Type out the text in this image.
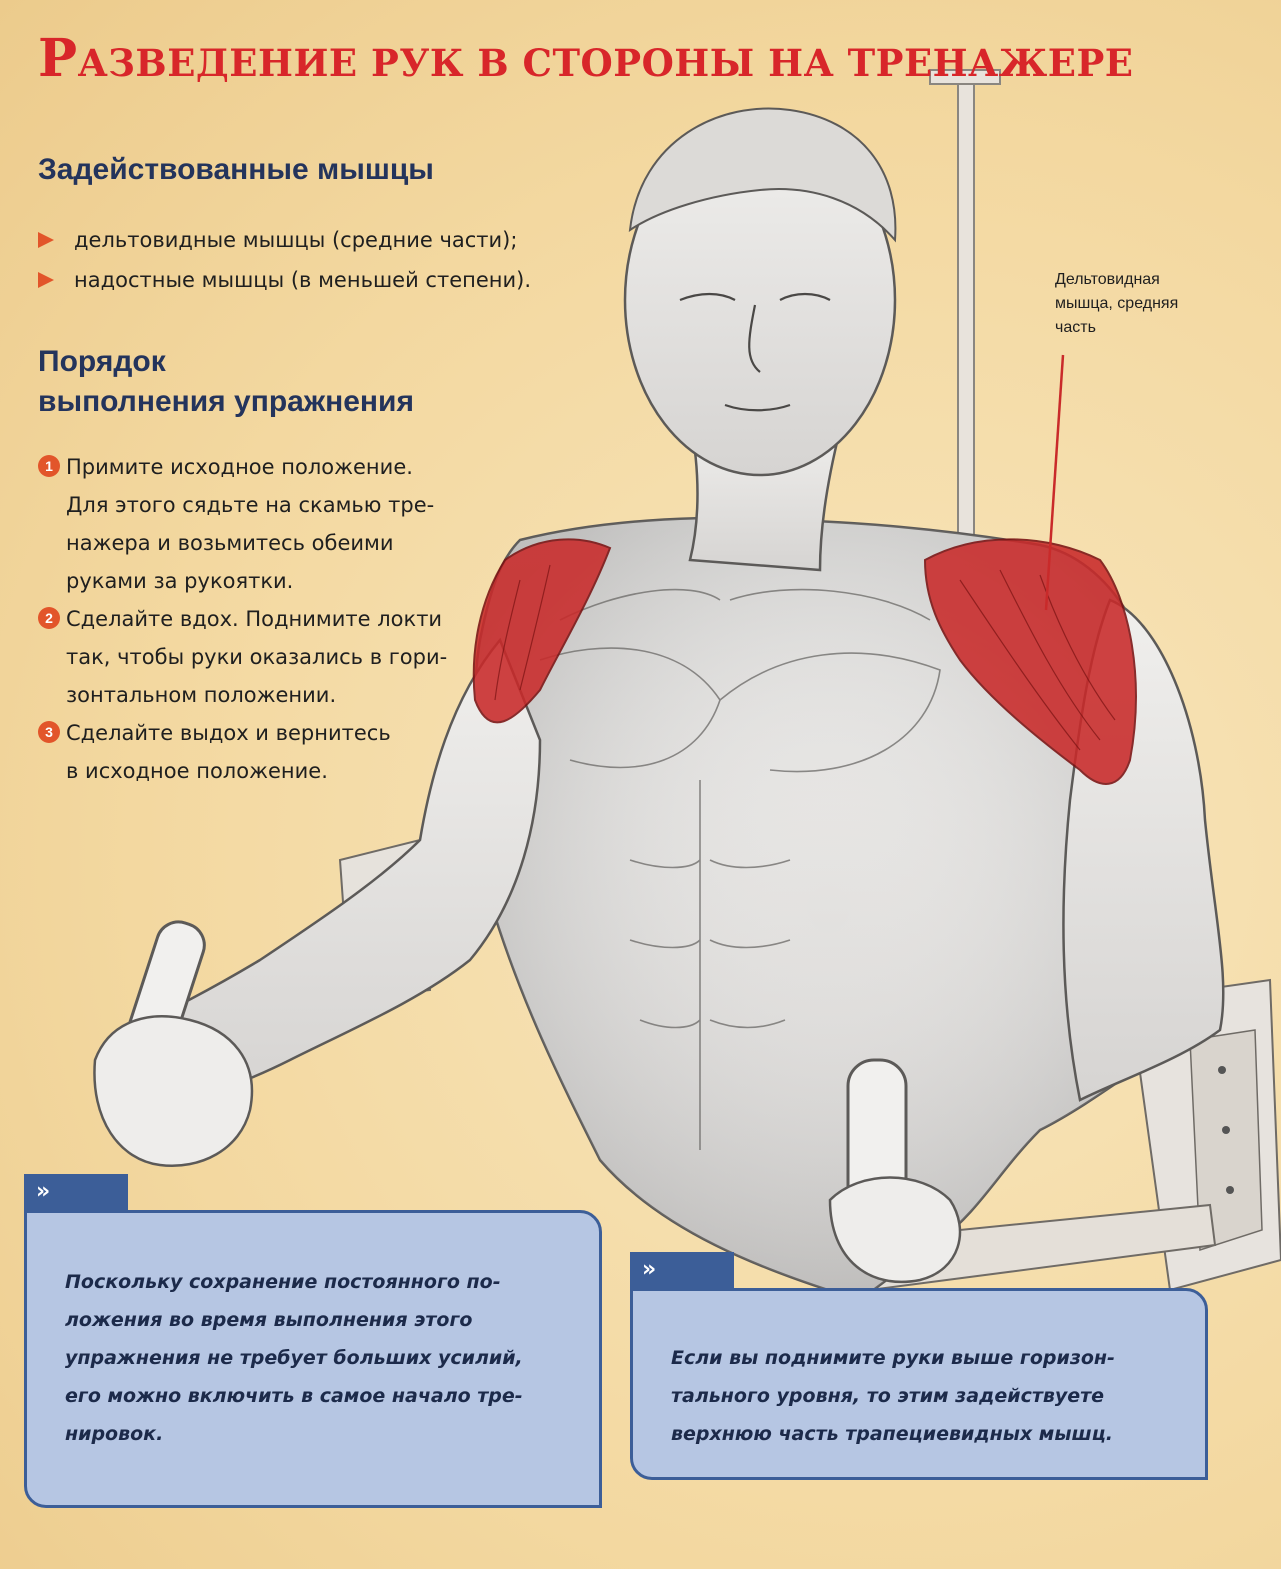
РАЗВЕДЕНИЕ РУК В СТОРОНЫ НА ТРЕНАЖЕРЕ
Задействованные мышцы
дельтовидные мышцы (средние части);
надостные мышцы (в меньшей степени).
Порядок
выполнения упражнения
1 Примите исходное положение.
Для этого сядьте на скамью тре-
нажера и возьмитесь обеими
руками за рукоятки.
2 Сделайте вдох. Поднимите локти
так, чтобы руки оказались в гори-
зонтальном положении.
3 Сделайте выдох и вернитесь
в исходное положение.
Дельтовидная
мышца, средняя
часть
»
Поскольку сохранение постоянного по-
ложения во время выполнения этого
упражнения не требует больших усилий,
его можно включить в самое начало тре-
нировок.
»
Если вы поднимите руки выше горизон-
тального уровня, то этим задействуете
верхнюю часть трапециевидных мышц.
